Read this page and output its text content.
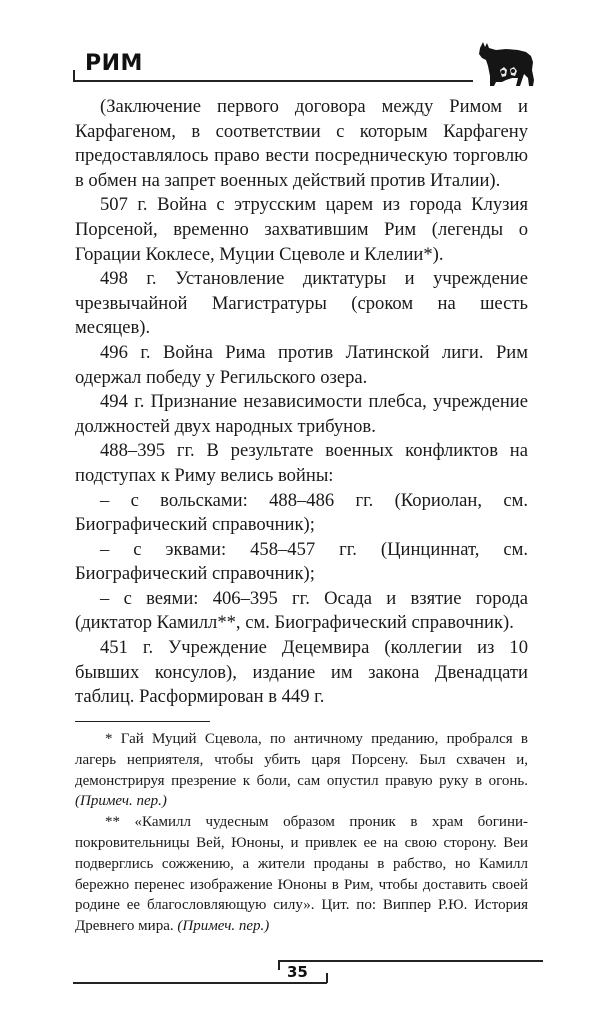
РИМ

(Заключение первого договора между Римом и Карфагеном, в соответствии с которым Карфагену предоставлялось право вести посредническую торговлю в обмен на запрет военных действий против Италии).

507 г. Война с этрусским царем из города Клузия Порсеной, временно захватившим Рим (легенды о Горации Коклесе, Муции Сцеволе и Клелии*).

498 г. Установление диктатуры и учреждение чрезвычайной Магистратуры (сроком на шесть месяцев).

496 г. Война Рима против Латинской лиги. Рим одержал победу у Регильского озера.

494 г. Признание независимости плебса, учреждение должностей двух народных трибунов.

488–395 гг. В результате военных конфликтов на подступах к Риму велись войны:

– с вольсками: 488–486 гг. (Кориолан, см. Биографический справочник);

– с эквами: 458–457 гг. (Цинциннат, см. Биографический справочник);

– с веями: 406–395 гг. Осада и взятие города (диктатор Камилл**, см. Биографический справочник).

451 г. Учреждение Децемвира (коллегии из 10 бывших консулов), издание им закона Двенадцати таблиц. Расформирован в 449 г.

* Гай Муций Сцевола, по античному преданию, пробрался в лагерь неприятеля, чтобы убить царя Порсену. Был схвачен и, демонстрируя презрение к боли, сам опустил правую руку в огонь. (Примеч. пер.)

** «Камилл чудесным образом проник в храм богини-покровительницы Вей, Юноны, и привлек ее на свою сторону. Веи подверглись сожжению, а жители проданы в рабство, но Камилл бережно перенес изображение Юноны в Рим, чтобы доставить своей родине ее благословляющую силу». Цит. по: Виппер Р.Ю. История Древнего мира. (Примеч. пер.)

35
